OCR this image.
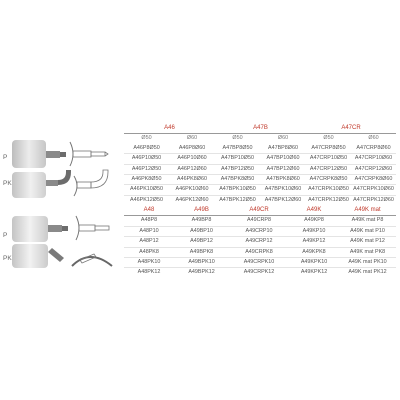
P
PK
A46		A47B		A47CR	
Ø50	Ø60	Ø50	Ø60	Ø50	Ø60
A46P8Ø50	A46P8Ø60	A47BP8Ø50	A47BP8Ø60	A47CRP8Ø50	A47CRP8Ø60
A46P10Ø50	A46P10Ø60	A47BP10Ø50	A47BP10Ø60	A47CRP10Ø50	A47CRP10Ø60
A46P12Ø50	A46P12Ø60	A47BP12Ø50	A47BP12Ø60	A47CRP12Ø50	A47CRP12Ø60
A46PK8Ø50	A46PK8Ø60	A47BPK8Ø50	A47BPK8Ø60	A47CRPK8Ø50	A47CRPK8Ø60
A46PK10Ø50	A46PK10Ø60	A47BPK10Ø50	A47BPK10Ø60	A47CRPK10Ø50	A47CRPK10Ø60
A46PK12Ø50	A46PK12Ø60	A47BPK12Ø50	A47BPK12Ø60	A47CRPK12Ø50	A47CRPK12Ø60
P
PK
A48	A49B	A49CR	A49K	A49K mat
A48P8	A49BP8	A49CRP8	A49KP8	A49K mat P8
A48P10	A49BP10	A49CRP10	A49KP10	A49K mat P10
A48P12	A49BP12	A49CRP12	A49KP12	A49K mat P12
A48PK8	A49BPK8	A49CRPK8	A49KPK8	A49K mat PK8
A48PK10	A49BPK10	A49CRPK10	A49KPK10	A49K mat PK10
A48PK12	A49BPK12	A49CRPK12	A49KPK12	A49K mat PK12
